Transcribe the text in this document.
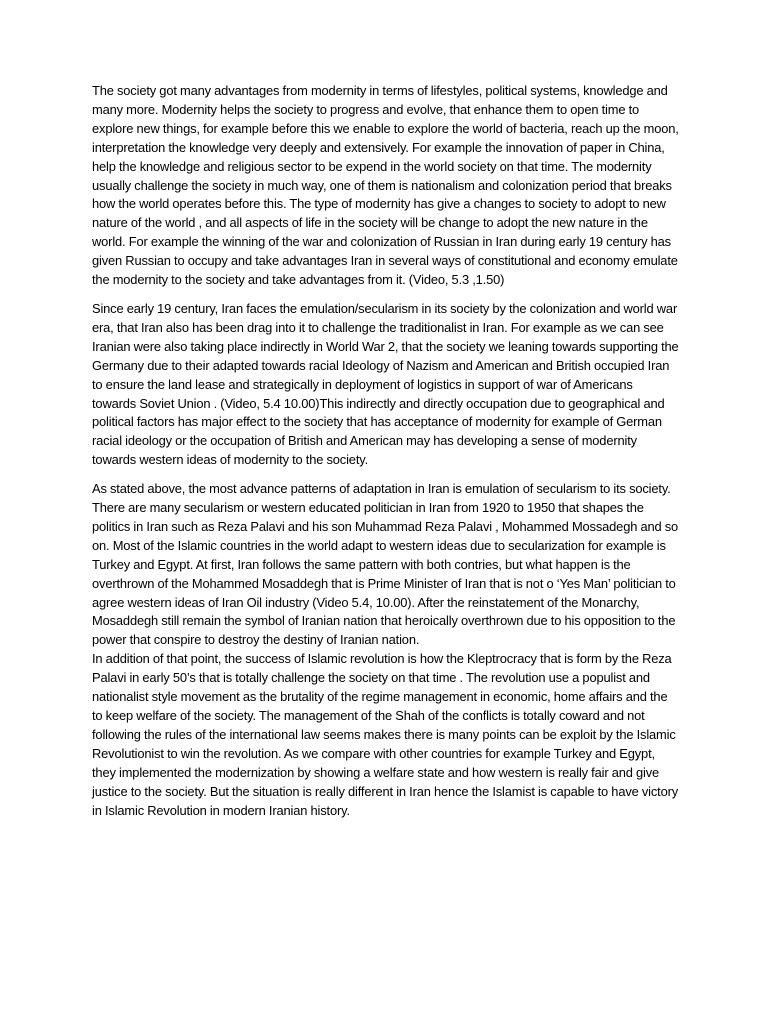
The society got many advantages from modernity in terms of lifestyles, political systems, knowledge and many more. Modernity helps the society to progress and evolve, that enhance them to open time to explore new things, for example before this we enable to explore the world of bacteria, reach up the moon, interpretation the knowledge very deeply and extensively. For example the innovation of paper in China, help the knowledge and religious sector to be expend in the world society on that time. The modernity usually challenge the society in much way, one of them is nationalism and colonization period that breaks how the world operates before this. The type of modernity has give a changes to society to adopt to new nature of the world , and all aspects of life in the society will be change to adopt the new nature in the world. For example the winning of the war and colonization of Russian in Iran during early 19 century has given Russian to occupy and take advantages Iran in several ways of constitutional and economy emulate the modernity to the society and take advantages from it. (Video, 5.3 ,1.50)

Since early 19 century, Iran faces the emulation/secularism in its society by the colonization and world war era, that Iran also has been drag into it to challenge the traditionalist in Iran. For example as we can see Iranian were also taking place indirectly in World War 2, that the society we leaning towards supporting the Germany due to their adapted towards racial Ideology of Nazism and American and British occupied Iran to ensure the land lease and strategically in deployment of logistics in support of war of Americans towards Soviet Union . (Video, 5.4 10.00)This indirectly and directly occupation due to geographical and political factors has major effect to the society that has acceptance of modernity for example of German racial ideology or the occupation of British and American may has developing a sense of modernity towards western ideas of modernity to the society.

As stated above, the most advance patterns of adaptation in Iran is emulation of secularism to its society. There are many secularism or western educated politician in Iran from 1920 to 1950 that shapes the politics in Iran such as Reza Palavi and his son Muhammad Reza Palavi , Mohammed Mossadegh and so on. Most of the Islamic countries in the world adapt to western ideas due to secularization for example is Turkey and Egypt. At first, Iran follows the same pattern with both contries, but what happen is the overthrown of the Mohammed Mosaddegh that is Prime Minister of Iran that is not o ‘Yes Man’ politician to agree western ideas of Iran Oil industry (Video 5.4, 10.00). After the reinstatement of the Monarchy, Mosaddegh still remain the symbol of Iranian nation that heroically overthrown due to his opposition to the power that conspire to destroy the destiny of Iranian nation.

In addition of that point, the success of Islamic revolution is how the Kleptrocracy that is form by the Reza Palavi in early 50’s that is totally challenge the society on that time . The revolution use a populist and nationalist style movement as the brutality of the regime management in economic, home affairs and the to keep welfare of the society. The management of the Shah of the conflicts is totally coward and not following the rules of the international law seems makes there is many points can be exploit by the Islamic Revolutionist to win the revolution. As we compare with other countries for example Turkey and Egypt, they implemented the modernization by showing a welfare state and how western is really fair and give justice to the society. But the situation is really different in Iran hence the Islamist is capable to have victory in Islamic Revolution in modern Iranian history.
